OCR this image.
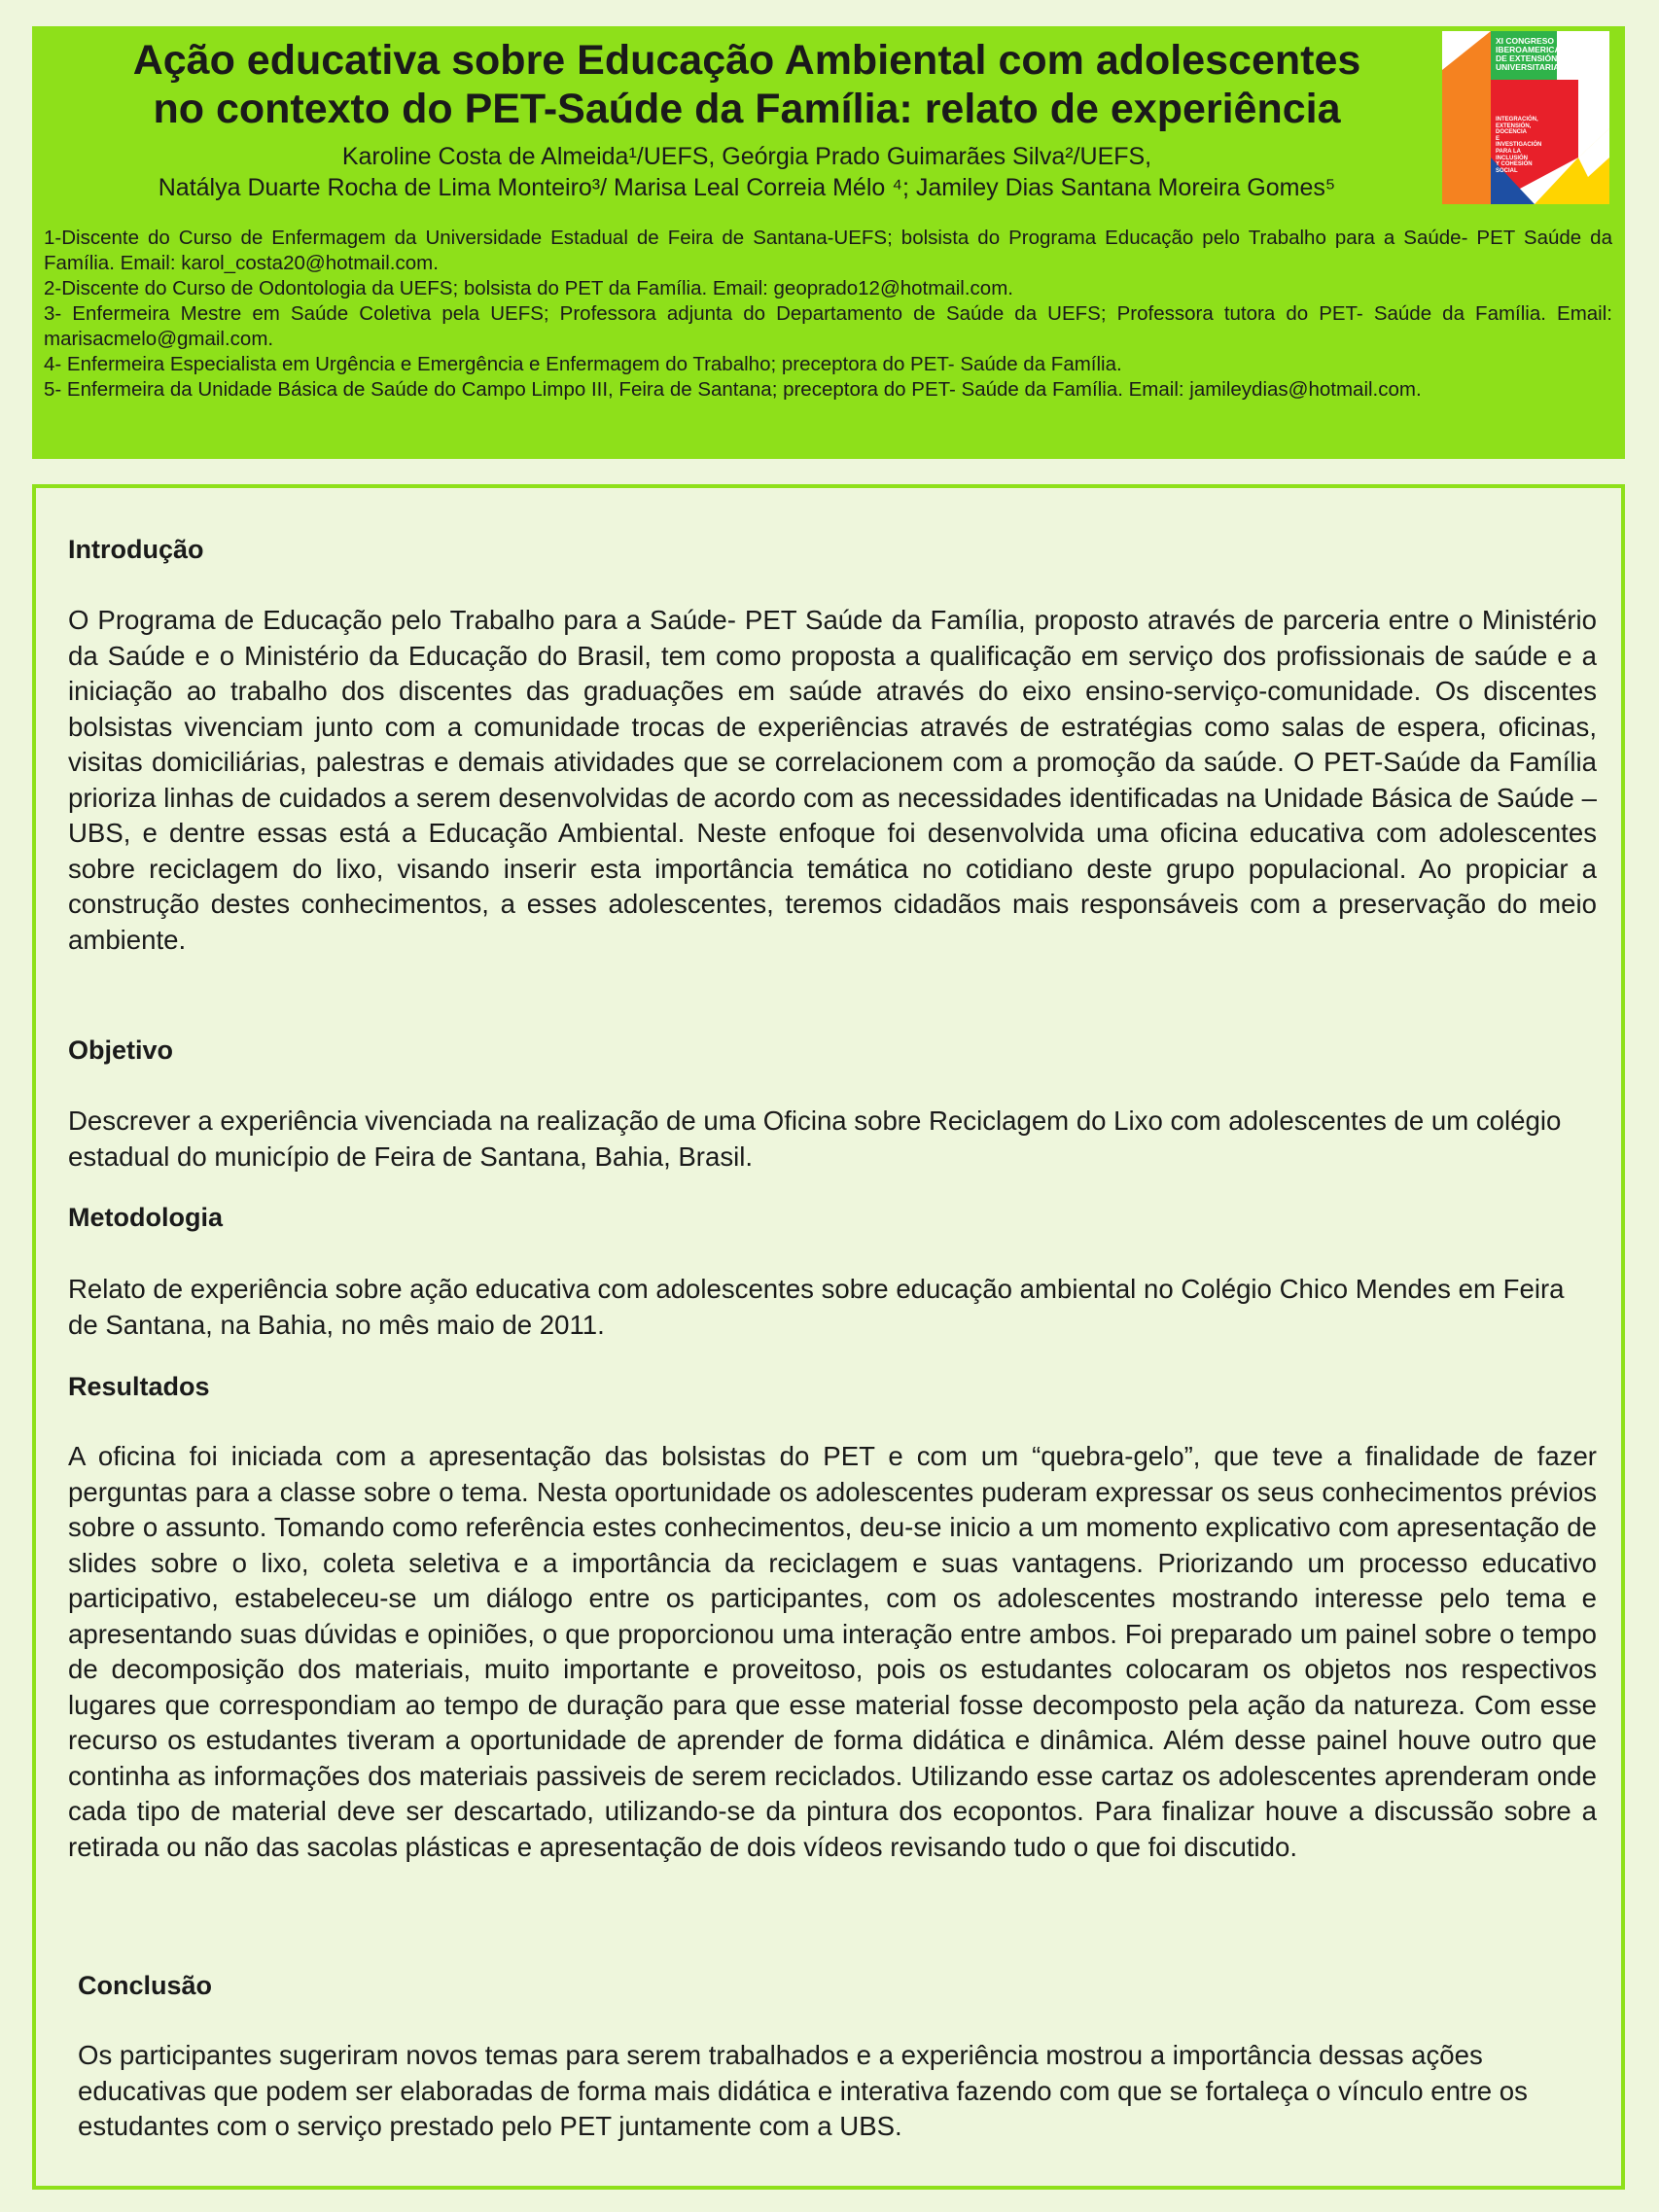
Ação educativa sobre Educação Ambiental com adolescentes
no contexto do PET-Saúde da Família: relato de experiência
Karoline Costa de Almeida¹/UEFS, Geórgia Prado Guimarães Silva²/UEFS,
Natálya Duarte Rocha de Lima Monteiro³/ Marisa Leal Correia Mélo ⁴; Jamiley Dias Santana Moreira Gomes⁵

1-Discente do Curso de Enfermagem da Universidade Estadual de Feira de Santana-UEFS; bolsista do Programa Educação pelo Trabalho para a Saúde- PET Saúde da Família. Email: karol_costa20@hotmail.com.

2-Discente do Curso de Odontologia da UEFS; bolsista do PET da Família. Email: geoprado12@hotmail.com.

3- Enfermeira Mestre em Saúde Coletiva pela UEFS; Professora adjunta do Departamento de Saúde da UEFS; Professora tutora do PET- Saúde da Família. Email: marisacmelo@gmail.com.

4- Enfermeira Especialista em Urgência e Emergência e Enfermagem do Trabalho; preceptora do PET- Saúde da Família.

5- Enfermeira da Unidade Básica de Saúde do Campo Limpo III, Feira de Santana; preceptora do PET- Saúde da Família. Email: jamileydias@hotmail.com.

XI CONGRESO
IBEROAMERICANO
DE EXTENSIÓN
UNIVERSITARIA
INTEGRACIÓN,
EXTENSIÓN,
DOCENCIA
E INVESTIGACIÓN
PARA LA
INCLUSIÓN
Y COHESIÓN
SOCIAL
Introdução

O Programa de Educação pelo Trabalho para a Saúde- PET Saúde da Família, proposto através de parceria entre o Ministério da Saúde e o Ministério da Educação do Brasil, tem como proposta a qualificação em serviço dos profissionais de saúde e a iniciação ao trabalho dos discentes das graduações em saúde através do eixo ensino-serviço-comunidade. Os discentes bolsistas vivenciam junto com a comunidade trocas de experiências através de estratégias como salas de espera, oficinas, visitas domiciliárias, palestras e demais atividades que se correlacionem com a promoção da saúde. O PET-Saúde da Família prioriza linhas de cuidados a serem desenvolvidas de acordo com as necessidades identificadas na Unidade Básica de Saúde – UBS, e dentre essas está a Educação Ambiental. Neste enfoque foi desenvolvida uma oficina educativa com adolescentes sobre reciclagem do lixo, visando inserir esta importância temática no cotidiano deste grupo populacional. Ao propiciar a construção destes conhecimentos, a esses adolescentes, teremos cidadãos mais responsáveis com a preservação do meio ambiente.

Objetivo

Descrever a experiência vivenciada na realização de uma Oficina sobre Reciclagem do Lixo com adolescentes de um colégio estadual do município de Feira de Santana, Bahia, Brasil.

Metodologia

Relato de experiência sobre ação educativa com adolescentes sobre educação ambiental no Colégio Chico Mendes em Feira de Santana, na Bahia, no mês maio de 2011.

Resultados

A oficina foi iniciada com a apresentação das bolsistas do PET e com um “quebra-gelo”, que teve a finalidade de fazer perguntas para a classe sobre o tema. Nesta oportunidade os adolescentes puderam expressar os seus conhecimentos prévios sobre o assunto. Tomando como referência estes conhecimentos, deu-se inicio a um momento explicativo com apresentação de slides sobre o lixo, coleta seletiva e a importância da reciclagem e suas vantagens. Priorizando um processo educativo participativo, estabeleceu-se um diálogo entre os participantes, com os adolescentes mostrando interesse pelo tema e apresentando suas dúvidas e opiniões, o que proporcionou uma interação entre ambos. Foi preparado um painel sobre o tempo de decomposição dos materiais, muito importante e proveitoso, pois os estudantes colocaram os objetos nos respectivos lugares que correspondiam ao tempo de duração para que esse material fosse decomposto pela ação da natureza. Com esse recurso os estudantes tiveram a oportunidade de aprender de forma didática e dinâmica. Além desse painel houve outro que continha as informações dos materiais passiveis de serem reciclados. Utilizando esse cartaz os adolescentes aprenderam onde cada tipo de material deve ser descartado, utilizando-se da pintura dos ecopontos. Para finalizar houve a discussão sobre a retirada ou não das sacolas plásticas e apresentação de dois vídeos revisando tudo o que foi discutido.

Conclusão

Os participantes sugeriram novos temas para serem trabalhados e a experiência mostrou a importância dessas ações educativas que podem ser elaboradas de forma mais didática e interativa fazendo com que se fortaleça o vínculo entre os estudantes com o serviço prestado pelo PET juntamente com a UBS.
